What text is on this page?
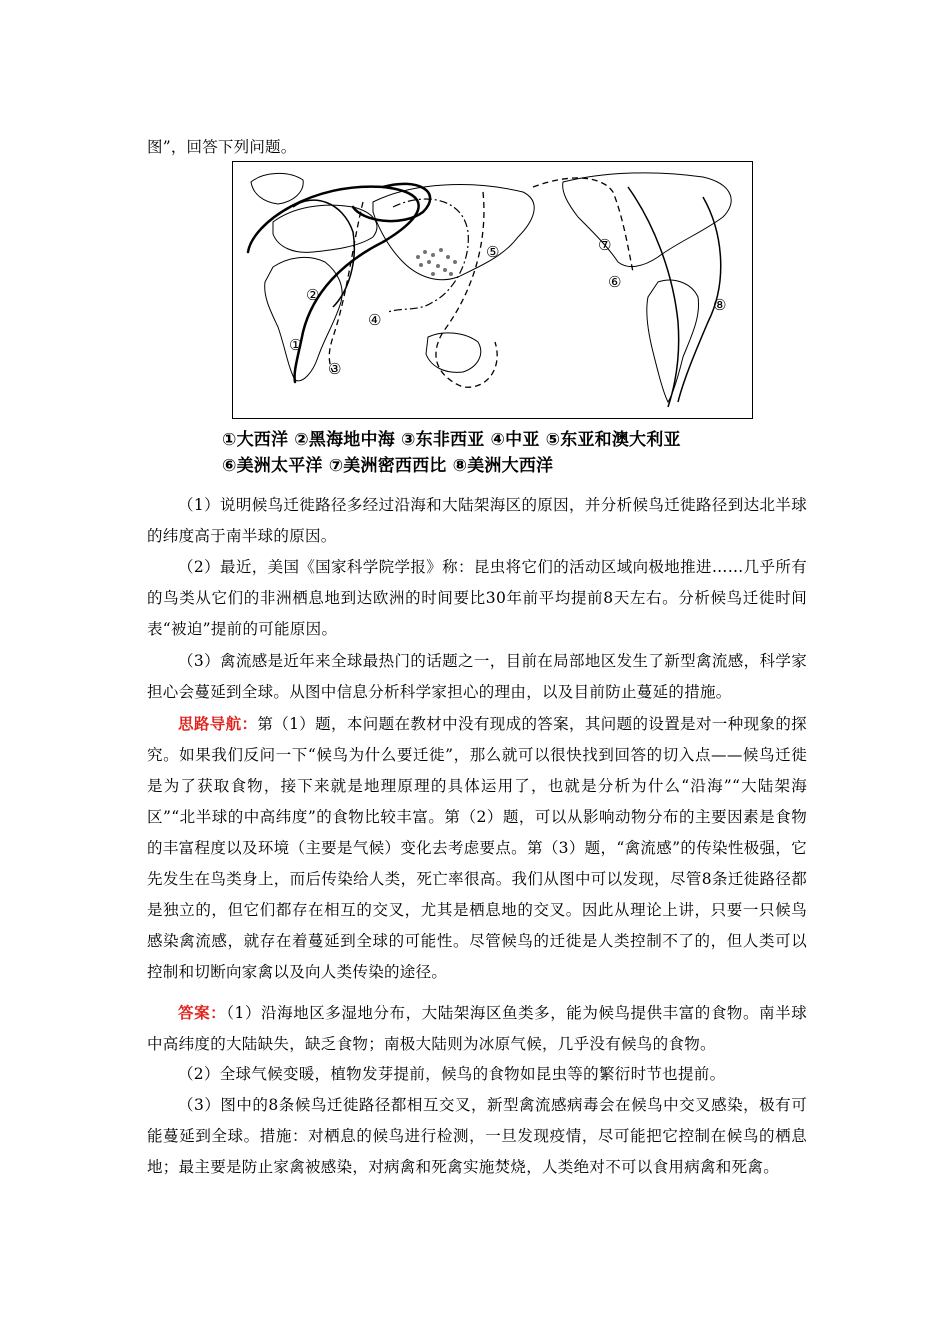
图”，回答下列问题。
①
②
③
④
⑤
⑥
⑦
⑧
①大西洋 ②黑海地中海 ③东非西亚 ④中亚 ⑤东亚和澳大利亚
⑥美洲太平洋 ⑦美洲密西西比 ⑧美洲大西洋

（1）说明候鸟迁徙路径多经过沿海和大陆架海区的原因，并分析候鸟迁徙路径到达北半球的纬度高于南半球的原因。

（2）最近，美国《国家科学院学报》称：昆虫将它们的活动区域向极地推进……几乎所有的鸟类从它们的非洲栖息地到达欧洲的时间要比30年前平均提前8天左右。分析候鸟迁徙时间表“被迫”提前的可能原因。

（3）禽流感是近年来全球最热门的话题之一，目前在局部地区发生了新型禽流感，科学家担心会蔓延到全球。从图中信息分析科学家担心的理由，以及目前防止蔓延的措施。

思路导航：第（1）题，本问题在教材中没有现成的答案，其问题的设置是对一种现象的探究。如果我们反问一下“候鸟为什么要迁徙”，那么就可以很快找到回答的切入点——候鸟迁徙是为了获取食物，接下来就是地理原理的具体运用了，也就是分析为什么“沿海”“大陆架海区”“北半球的中高纬度”的食物比较丰富。第（2）题，可以从影响动物分布的主要因素是食物的丰富程度以及环境（主要是气候）变化去考虑要点。第（3）题，“禽流感”的传染性极强，它先发生在鸟类身上，而后传染给人类，死亡率很高。我们从图中可以发现，尽管8条迁徙路径都是独立的，但它们都存在相互的交叉，尤其是栖息地的交叉。因此从理论上讲，只要一只候鸟感染禽流感，就存在着蔓延到全球的可能性。尽管候鸟的迁徙是人类控制不了的，但人类可以控制和切断向家禽以及向人类传染的途径。

答案：（1）沿海地区多湿地分布，大陆架海区鱼类多，能为候鸟提供丰富的食物。南半球中高纬度的大陆缺失，缺乏食物；南极大陆则为冰原气候，几乎没有候鸟的食物。

（2）全球气候变暖，植物发芽提前，候鸟的食物如昆虫等的繁衍时节也提前。

（3）图中的8条候鸟迁徙路径都相互交叉，新型禽流感病毒会在候鸟中交叉感染，极有可能蔓延到全球。措施：对栖息的候鸟进行检测，一旦发现疫情，尽可能把它控制在候鸟的栖息地；最主要是防止家禽被感染，对病禽和死禽实施焚烧，人类绝对不可以食用病禽和死禽。
